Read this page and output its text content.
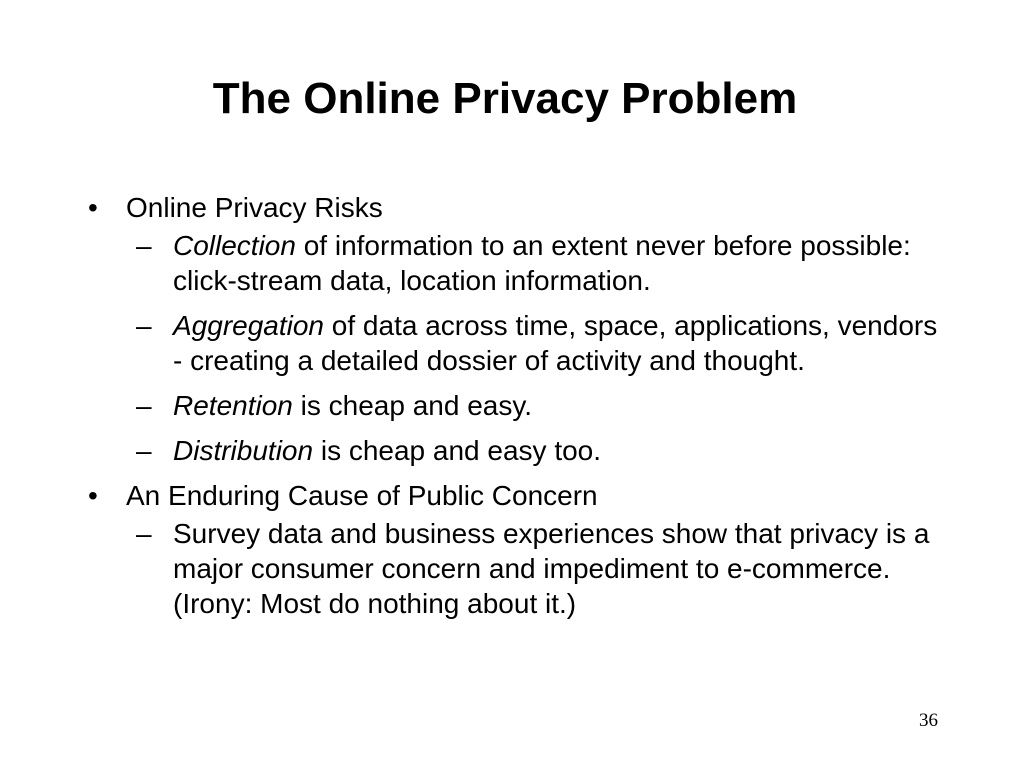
The Online Privacy Problem
• Online Privacy Risks
– Collection of information to an extent never before possible: click-stream data, location information.
– Aggregation of data across time, space, applications, vendors - creating a detailed dossier of activity and thought.
– Retention is cheap and easy.
– Distribution is cheap and easy too.
• An Enduring Cause of Public Concern
– Survey data and business experiences show that privacy is a major consumer concern and impediment to e-commerce. (Irony: Most do nothing about it.)
36
